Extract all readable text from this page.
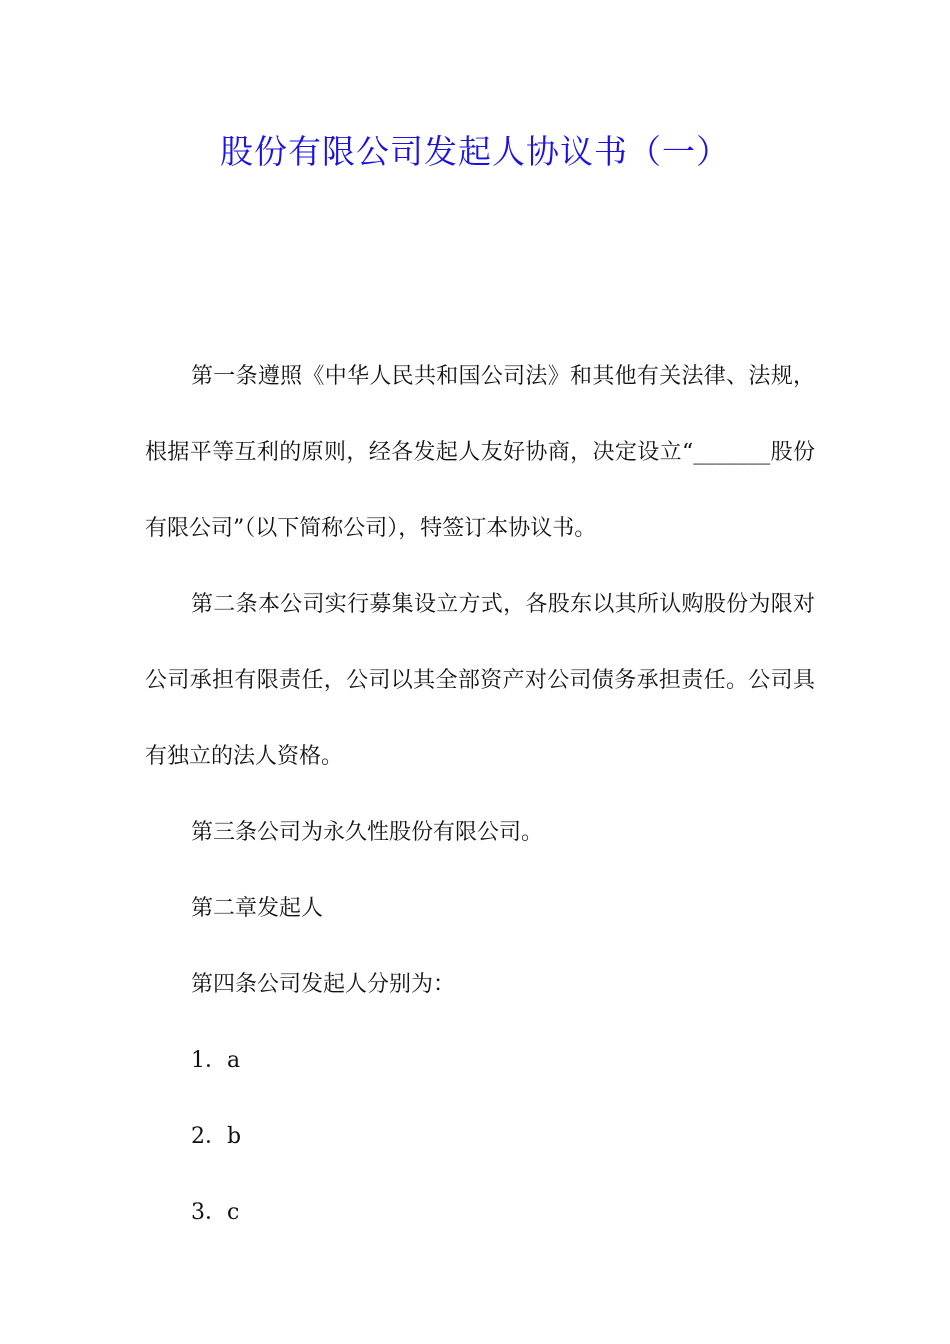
股份有限公司发起人协议书（一）

第一条遵照《中华人民共和国公司法》和其他有关法律、法规，根据平等互利的原则，经各发起人友好协商，决定设立“_______股份有限公司”（以下简称公司），特签订本协议书。

第二条本公司实行募集设立方式，各股东以其所认购股份为限对公司承担有限责任，公司以其全部资产对公司债务承担责任。公司具有独立的法人资格。

第三条公司为永久性股份有限公司。

第二章发起人

第四条公司发起人分别为：

1．a

2．b

3．c
